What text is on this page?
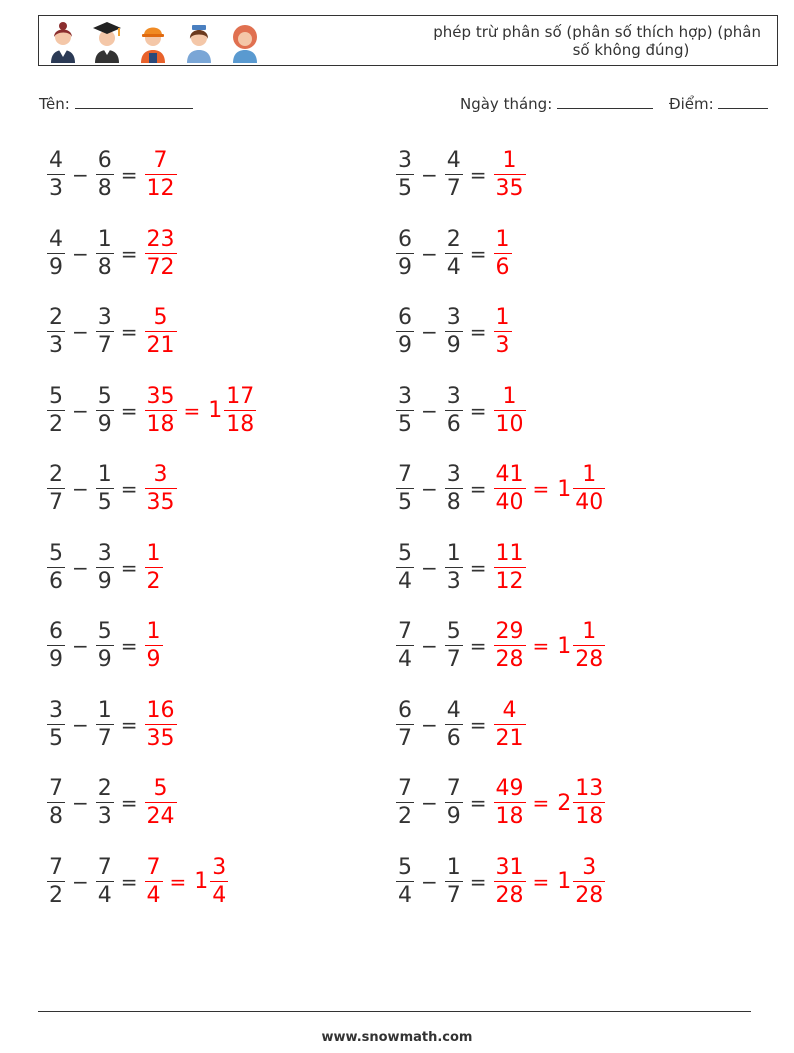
phép trừ phân số (phân số thích hợp) (phân
số không đúng)
Tên:	Ngày tháng:	Điểm:
$\frac{4}{3} - \frac{6}{8} = \frac{7}{12}$	$\frac{3}{5} - \frac{4}{7} = \frac{1}{35}$
$\frac{4}{9} - \frac{1}{8} = \frac{23}{72}$	$\frac{6}{9} - \frac{2}{4} = \frac{1}{6}$
$\frac{2}{3} - \frac{3}{7} = \frac{5}{21}$	$\frac{6}{9} - \frac{3}{9} = \frac{1}{3}$
$\frac{5}{2} - \frac{5}{9} = \frac{35}{18} = 1 \frac{17}{18}$	$\frac{3}{5} - \frac{3}{6} = \frac{1}{10}$
$\frac{2}{7} - \frac{1}{5} = \frac{3}{35}$	$\frac{7}{5} - \frac{3}{8} = \frac{41}{40} = 1 \frac{1}{40}$
$\frac{5}{6} - \frac{3}{9} = \frac{1}{2}$	$\frac{5}{4} - \frac{1}{3} = \frac{11}{12}$
$\frac{6}{9} - \frac{5}{9} = \frac{1}{9}$	$\frac{7}{4} - \frac{5}{7} = \frac{29}{28} = 1 \frac{1}{28}$
$\frac{3}{5} - \frac{1}{7} = \frac{16}{35}$	$\frac{6}{7} - \frac{4}{6} = \frac{4}{21}$
$\frac{7}{8} - \frac{2}{3} = \frac{5}{24}$	$\frac{7}{2} - \frac{7}{9} = \frac{49}{18} = 2 \frac{13}{18}$
$\frac{7}{2} - \frac{7}{4} = \frac{7}{4} = 1 \frac{3}{4}$	$\frac{5}{4} - \frac{1}{7} = \frac{31}{28} = 1 \frac{3}{28}$
www.snowmath.com
